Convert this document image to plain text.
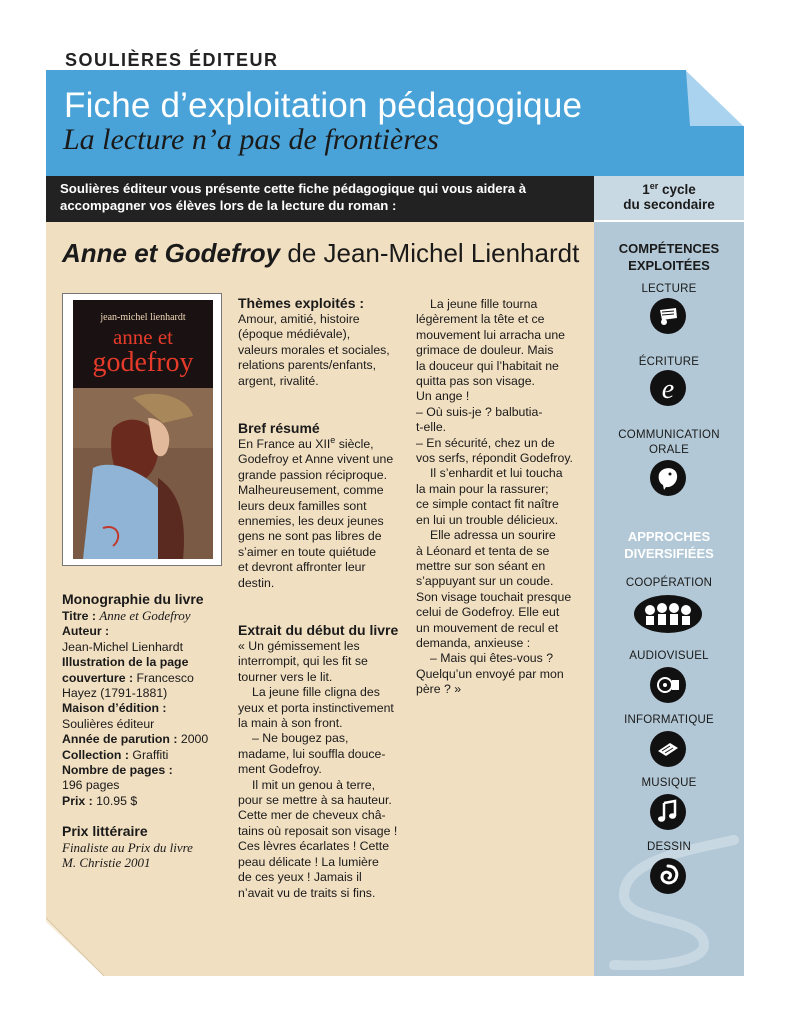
SOULIÈRES ÉDITEUR
Fiche d’exploitation pédagogique
La lecture n’a pas de frontières
Soulières éditeur vous présente cette fiche pédagogique qui vous aidera à
accompagner vos élèves lors de la lecture du roman :
1er cycle
du secondaire
COMPÉTENCES
EXPLOITÉES
LECTURE
ÉCRITURE
e
COMMUNICATION
ORALE
APPROCHES
DIVERSIFIÉES
COOPÉRATION
AUDIOVISUEL
INFORMATIQUE
MUSIQUE
DESSIN
Anne et Godefroy de Jean-Michel Lienhardt
jean-michel lienhardt
anne et
godefroy
Monographie du livre
Titre : Anne et Godefroy
Auteur :
Jean-Michel Lienhardt
Illustration de la page
couverture : Francesco
Hayez (1791-1881)
Maison d’édition :
Soulières éditeur
Année de parution : 2000
Collection : Graffiti
Nombre de pages :
196 pages
Prix : 10.95 $
Prix littéraire
Finaliste au Prix du livre
M. Christie 2001
Thèmes exploités :
Amour, amitié, histoire
(époque médiévale),
valeurs morales et sociales,
relations parents/enfants,
argent, rivalité.
Bref résumé
En France au XIIe siècle,
Godefroy et Anne vivent une
grande passion réciproque.
Malheureusement, comme
leurs deux familles sont
ennemies, les deux jeunes
gens ne sont pas libres de
s’aimer en toute quiétude
et devront affronter leur
destin.
Extrait du début du livre
« Un gémissement les
interrompit, qui les fit se
tourner vers le lit.
La jeune fille cligna des
yeux et porta instinctivement
la main à son front.
– Ne bougez pas,
madame, lui souffla douce-
ment Godefroy.
Il mit un genou à terre,
pour se mettre à sa hauteur.
Cette mer de cheveux châ-
tains où reposait son visage !
Ces lèvres écarlates ! Cette
peau délicate ! La lumière
de ces yeux ! Jamais il
n’avait vu de traits si fins.
La jeune fille tourna
légèrement la tête et ce
mouvement lui arracha une
grimace de douleur. Mais
la douceur qui l’habitait ne
quitta pas son visage.
Un ange !
– Où suis-je ? balbutia-
t-elle.
– En sécurité, chez un de
vos serfs, répondit Godefroy.
Il s’enhardit et lui toucha
la main pour la rassurer;
ce simple contact fit naître
en lui un trouble délicieux.
Elle adressa un sourire
à Léonard et tenta de se
mettre sur son séant en
s’appuyant sur un coude.
Son visage touchait presque
celui de Godefroy. Elle eut
un mouvement de recul et
demanda, anxieuse :
– Mais qui êtes-vous ?
Quelqu’un envoyé par mon
père ? »
